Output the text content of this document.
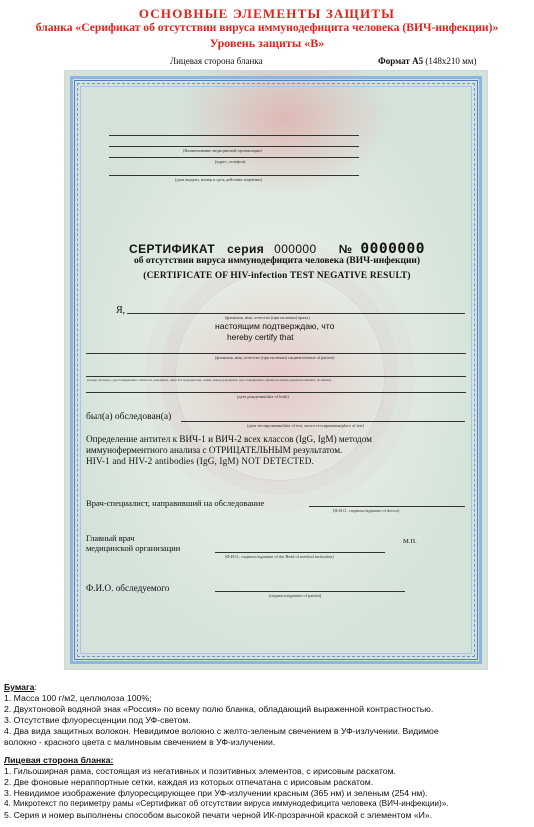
ОСНОВНЫЕ ЭЛЕМЕНТЫ ЗАЩИТЫ
бланка «Серификат об отсутствии вируса иммунодефицита человека (ВИЧ-инфекции)»
Уровень защиты «В»
Лицевая сторона бланка	Формат А5 (148х210 мм)
(Наименование медицинской организации)
(адрес, телефон)
(дата выдачи, номер и срок действия лицензии)
СЕРТИФИКАТ серия 000000 № 0000000
об отсутствии вируса иммунодефицита человека (ВИЧ-инфекции)
(CERTIFICATE OF HIV-infection TEST NEGATIVE RESULT)
Я,
(фамилия, имя, отчество (при наличии) врача)
настоящим подтверждаю, что
hereby certify that
(фамилия, имя, отчество (при наличии) пациента/name of patient)
(номер паспорта, удостоверяющего личность документа, лица без гражданства, серия, номер документа, удостоверяющего личность/номер документа/identity document)
(дата рождения/date of birth)
был(а) обследован(а)
(дата тестирования/date of test, место тестирования/place of test)
Определение антител к ВИЧ-1 и ВИЧ-2 всех классов (IgG, IgM) методом
иммуноферментного анализа с ОТРИЦАТЕЛЬНЫМ результатом.
HIV-1 and HIV-2 antibodies (IgG, IgM) NOT DETECTED.
Врач-специалист, направивший на обследование
(Ф.И.О., подпись/signature of doctor)
Главный врач
медицинской организации
(Ф.И.О., подпись/signature of the Head of medical institution)
М.П.
Ф.И.О. обследуемого
(подпись/signature of patient)
Бумага:
1. Масса 100 г/м2, целлюлоза 100%;
2. Двухтоновой водяной знак «Россия» по всему полю бланка, обладающий выраженной контрастностью.
3. Отсутствие флуоресценции под УФ-светом.
4. Два вида защитных волокон. Невидимое волокно с желто-зеленым свечением в УФ-излучении. Видимое
волокно - красного цвета с малиновым свечением в УФ-излучении.
Лицевая сторона бланка:
1. Гильоширная рама, состоящая из негативных и позитивных элементов, с ирисовым раскатом.
2. Две фоновые нераппортные сетки, каждая из которых отпечатана с ирисовым раскатом.
3. Невидимое изображение флуоресцирующее при УФ-излучении красным (365 нм) и зеленым (254 нм).
4. Микротекст по периметру рамы «Сертификат об отсутствии вируса иммунодефицита человека (ВИЧ-инфекции)».
5. Серия и номер выполнены способом высокой печати черной ИК-прозрачной краской с элементом «И».
